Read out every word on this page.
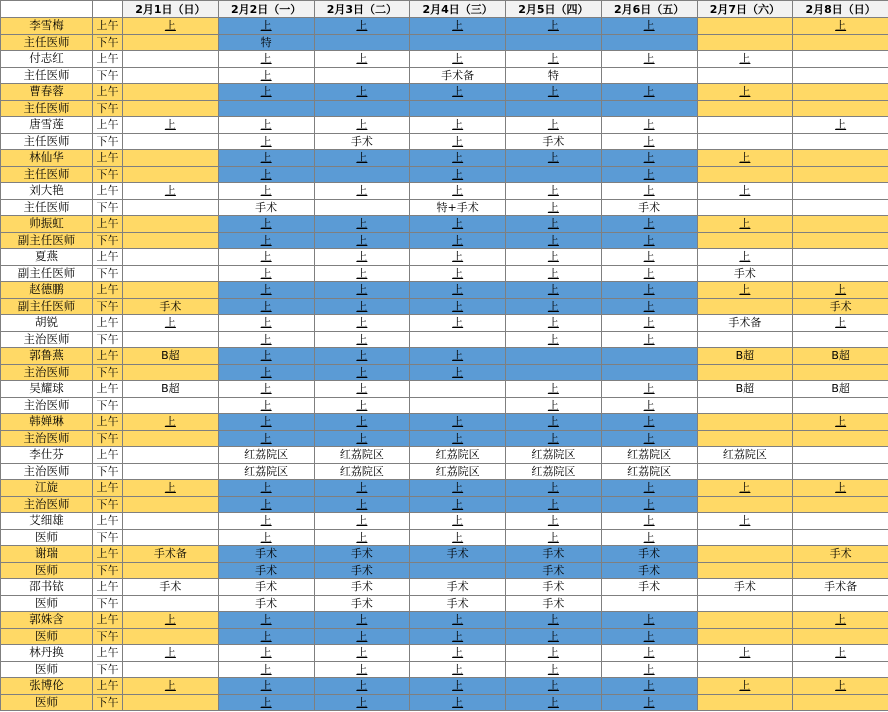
		2月1日（日）	2月2日（一）	2月3日（二）	2月4日（三）	2月5日（四）	2月6日（五）	2月7日（六）	2月8日（日）
李雪梅	上午	上	上	上	上	上	上		上
主任医师	下午		特						
付志红	上午		上	上	上	上	上	上	
主任医师	下午		上		手术备	特			
曹春蓉	上午		上	上	上	上	上	上	
主任医师	下午								
唐雪莲	上午	上	上	上	上	上	上		上
主任医师	下午		上	手术	上	手术	上		
林仙华	上午		上	上	上	上	上	上	
主任医师	下午		上		上		上		
刘大艳	上午	上	上	上	上	上	上	上	
主任医师	下午		手术		特+手术	上	手术		
帅振虹	上午		上	上	上	上	上	上	
副主任医师	下午		上	上	上	上	上		
夏燕	上午		上	上	上	上	上	上	
副主任医师	下午		上	上	上	上	上	手术	
赵德鹏	上午		上	上	上	上	上	上	上
副主任医师	下午	手术	上	上	上	上	上		手术
胡锐	上午	上	上	上	上	上	上	手术备	上
主治医师	下午		上	上		上	上		
郭鲁燕	上午	B超	上	上	上			B超	B超
主治医师	下午		上	上	上				
吴耀球	上午	B超	上	上		上	上	B超	B超
主治医师	下午		上	上		上	上		
韩婵琳	上午	上	上	上	上	上	上		上
主治医师	下午		上	上	上	上	上		
李仕芬	上午		红荔院区	红荔院区	红荔院区	红荔院区	红荔院区	红荔院区	
主治医师	下午		红荔院区	红荔院区	红荔院区	红荔院区	红荔院区		
江旋	上午	上	上	上	上	上	上	上	上
主治医师	下午		上	上	上	上	上		
艾细雄	上午		上	上	上	上	上	上	
医师	下午		上	上	上	上	上		
谢瑞	上午	手术备	手术	手术	手术	手术	手术		手术
医师	下午		手术	手术		手术	手术		
邵书铱	上午	手术	手术	手术	手术	手术	手术	手术	手术备
医师	下午		手术	手术	手术	手术			
郭姝含	上午	上	上	上	上	上	上		上
医师	下午		上	上	上	上	上		
林丹换	上午	上	上	上	上	上	上	上	上
医师	下午		上	上	上	上	上		
张博伦	上午	上	上	上	上	上	上	上	上
医师	下午		上	上	上	上	上		
